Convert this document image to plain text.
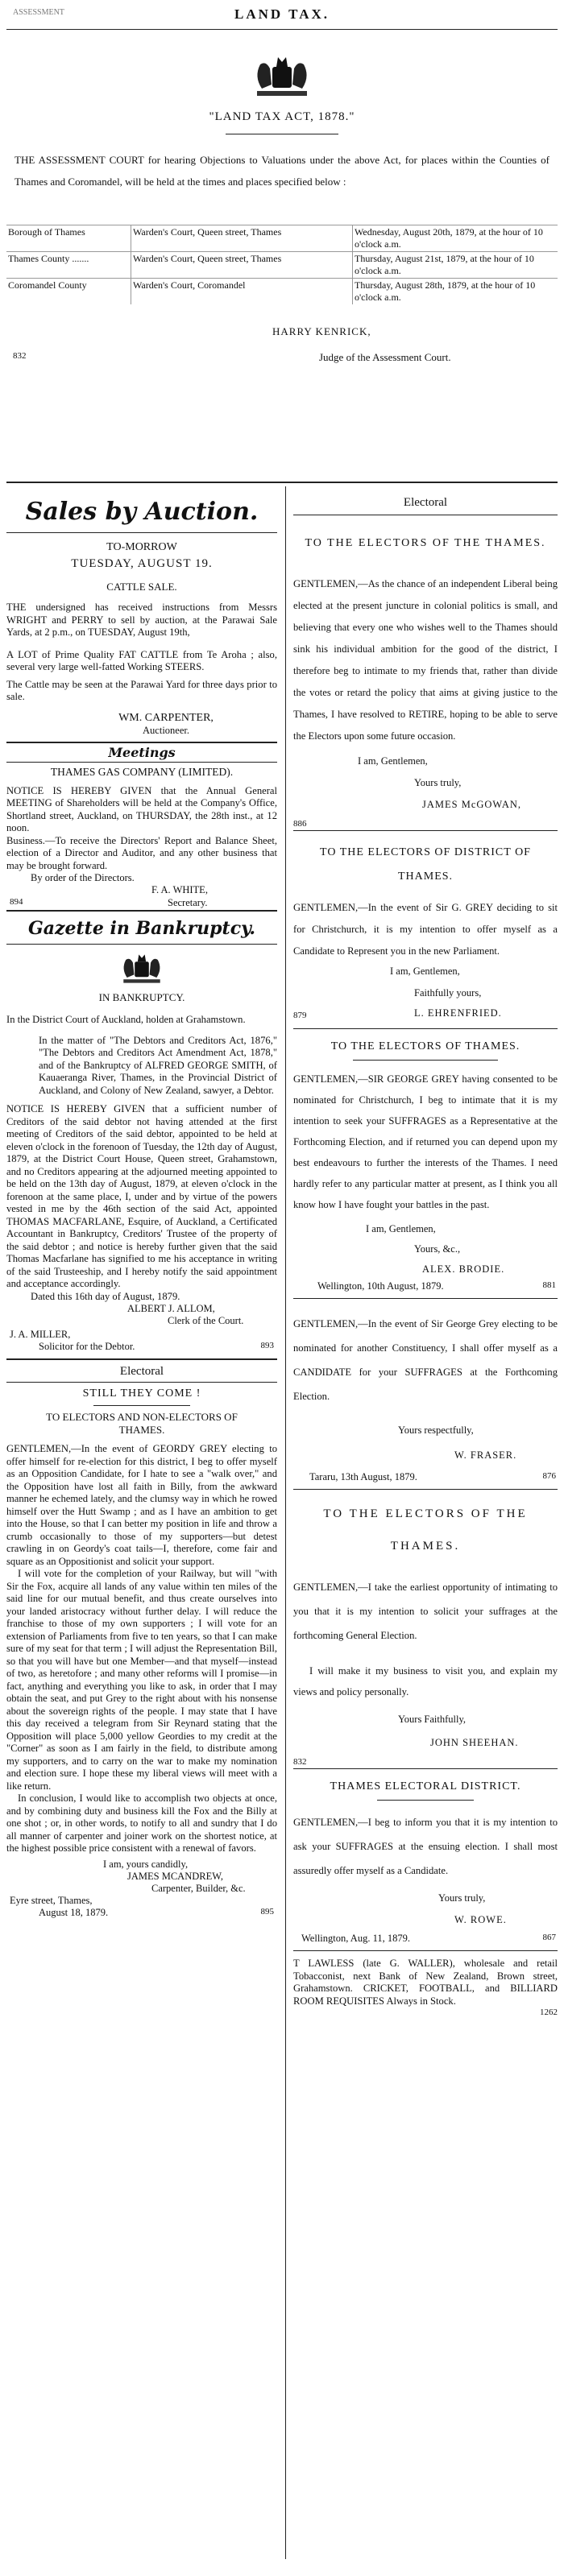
ASSESSMENT	LAND TAX.
"LAND TAX ACT, 1878."

THE ASSESSMENT COURT for hearing Objections to Valuations under the above Act, for places within the Counties of Thames and Coromandel, will be held at the times and places specified below :

Borough of Thames	Warden's Court, Queen street, Thames	Wednesday, August 20th, 1879, at the hour of 10 o'clock a.m.
Thames County .......	Warden's Court, Queen street, Thames	Thursday, August 21st, 1879, at the hour of 10 o'clock a.m.
Coromandel County	Warden's Court, Coromandel	Thursday, August 28th, 1879, at the hour of 10 o'clock a.m.
HARRY KENRICK,
832	Judge of the Assessment Court.
Sales by Auction.
TO-MORROW
TUESDAY, AUGUST 19.
CATTLE SALE.

THE undersigned has received instructions from Messrs WRIGHT and PERRY to sell by auction, at the Parawai Sale Yards, at 2 p.m., on TUESDAY, August 19th,

A LOT of Prime Quality FAT CATTLE from Te Aroha ; also, several very large well-fatted Working STEERS.

The Cattle may be seen at the Parawai Yard for three days prior to sale.

WM. CARPENTER,
Auctioneer.
Meetings
THAMES GAS COMPANY (LIMITED).

NOTICE IS HEREBY GIVEN that the Annual General MEETING of Shareholders will be held at the Company's Office, Shortland street, Auckland, on THURSDAY, the 28th inst., at 12 noon.

Business.—To receive the Directors' Report and Balance Sheet, election of a Director and Auditor, and any other business that may be brought forward.

By order of the Directors.
F. A. WHITE,
894	Secretary.
Gazette in Bankruptcy.
IN BANKRUPTCY.

In the District Court of Auckland, holden at Grahamstown.

In the matter of "The Debtors and Creditors Act, 1876," "The Debtors and Creditors Act Amendment Act, 1878," and of the Bankruptcy of ALFRED GEORGE SMITH, of Kauaeranga River, Thames, in the Provincial District of Auckland, and Colony of New Zealand, sawyer, a Debtor.

NOTICE IS HEREBY GIVEN that a sufficient number of Creditors of the said debtor not having attended at the first meeting of Creditors of the said debtor, appointed to be held at eleven o'clock in the forenoon of Tuesday, the 12th day of August, 1879, at the District Court House, Queen street, Grahamstown, and no Creditors appearing at the adjourned meeting appointed to be held on the 13th day of August, 1879, at eleven o'clock in the forenoon at the same place, I, under and by virtue of the powers vested in me by the 46th section of the said Act, appointed THOMAS MACFARLANE, Esquire, of Auckland, a Certificated Accountant in Bankruptcy, Creditors' Trustee of the property of the said debtor ; and notice is hereby further given that the said Thomas Macfarlane has signified to me his acceptance in writing of the said Trusteeship, and I hereby notify the said appointment and acceptance accordingly.

Dated this 16th day of August, 1879.

ALBERT J. ALLOM,
Clerk of the Court.
J. A. MILLER,
Solicitor for the Debtor.	893
Electoral
STILL THEY COME !

TO ELECTORS AND NON-ELECTORS OF THAMES.

GENTLEMEN,—In the event of GEORDY GREY electing to offer himself for re-election for this district, I beg to offer myself as an Opposition Candidate, for I hate to see a "walk over," and the Opposition have lost all faith in Billy, from the awkward manner he echemed lately, and the clumsy way in which he rowed himself over the Hutt Swamp ; and as I have an ambition to get into the House, so that I can better my position in life and throw a crumb occasionally to those of my supporters—but detest crawling in on Geordy's coat tails—I, therefore, come fair and square as an Oppositionist and solicit your support.

I will vote for the completion of your Railway, but will "with Sir the Fox, acquire all lands of any value within ten miles of the said line for our mutual benefit, and thus create ourselves into your landed aristocracy without further delay. I will reduce the franchise to those of my own supporters ; I will vote for an extension of Parliaments from five to ten years, so that I can make sure of my seat for that term ; I will adjust the Representation Bill, so that you will have but one Member—and that myself—instead of two, as heretofore ; and many other reforms will I promise—in fact, anything and everything you like to ask, in order that I may obtain the seat, and put Grey to the right about with his nonsense about the sovereign rights of the people. I may state that I have this day received a telegram from Sir Reynard stating that the Opposition will place 5,000 yellow Geordies to my credit at the "Corner" as soon as I am fairly in the field, to distribute among my supporters, and to carry on the war to make my nomination and election sure. I hope these my liberal views will meet with a like return.

In conclusion, I would like to accomplish two objects at once, and by combining duty and business kill the Fox and the Billy at one shot ; or, in other words, to notify to all and sundry that I do all manner of carpenter and joiner work on the shortest notice, at the highest possible price consistent with a renewal of favors.

I am, yours candidly,
JAMES MCANDREW,
Carpenter, Builder, &c.
Eyre street, Thames,
August 18, 1879.	895
Electoral
TO THE ELECTORS OF THE THAMES.

GENTLEMEN,—As the chance of an independent Liberal being elected at the present juncture in colonial politics is small, and believing that every one who wishes well to the Thames should sink his individual ambition for the good of the district, I therefore beg to intimate to my friends that, rather than divide the votes or retard the policy that aims at giving justice to the Thames, I have resolved to RETIRE, hoping to be able to serve the Electors upon some future occasion.

I am, Gentlemen,
Yours truly,
JAMES McGOWAN,
886
TO THE ELECTORS OF DISTRICT OF THAMES.

GENTLEMEN,—In the event of Sir G. GREY deciding to sit for Christchurch, it is my intention to offer myself as a Candidate to Represent you in the new Parliament.

I am, Gentlemen,
Faithfully yours,
879	L. EHRENFRIED.
TO THE ELECTORS OF THAMES.

GENTLEMEN,—SIR GEORGE GREY having consented to be nominated for Christchurch, I beg to intimate that it is my intention to seek your SUFFRAGES as a Representative at the Forthcoming Election, and if returned you can depend upon my best endeavours to further the interests of the Thames. I need hardly refer to any particular matter at present, as I think you all know how I have fought your battles in the past.

I am, Gentlemen,
Yours, &c.,
ALEX. BRODIE.
Wellington, 10th August, 1879.	881

GENTLEMEN,—In the event of Sir George Grey electing to be nominated for another Constituency, I shall offer myself as a CANDIDATE for your SUFFRAGES at the Forthcoming Election.

Yours respectfully,
W. FRASER.
Tararu, 13th August, 1879.	876
TO THE ELECTORS OF THE THAMES.

GENTLEMEN,—I take the earliest opportunity of intimating to you that it is my intention to solicit your suffrages at the forthcoming General Election.

I will make it my business to visit you, and explain my views and policy personally.

Yours Faithfully,
JOHN SHEEHAN.
832
THAMES ELECTORAL DISTRICT.

GENTLEMEN,—I beg to inform you that it is my intention to ask your SUFFRAGES at the ensuing election. I shall most assuredly offer myself as a Candidate.

Yours truly,
W. ROWE.
Wellington, Aug. 11, 1879.	867

T LAWLESS (late G. WALLER), wholesale and retail Tobacconist, next Bank of New Zealand, Brown street, Grahamstown. CRICKET, FOOTBALL, and BILLIARD ROOM REQUISITES Always in Stock.

1262
